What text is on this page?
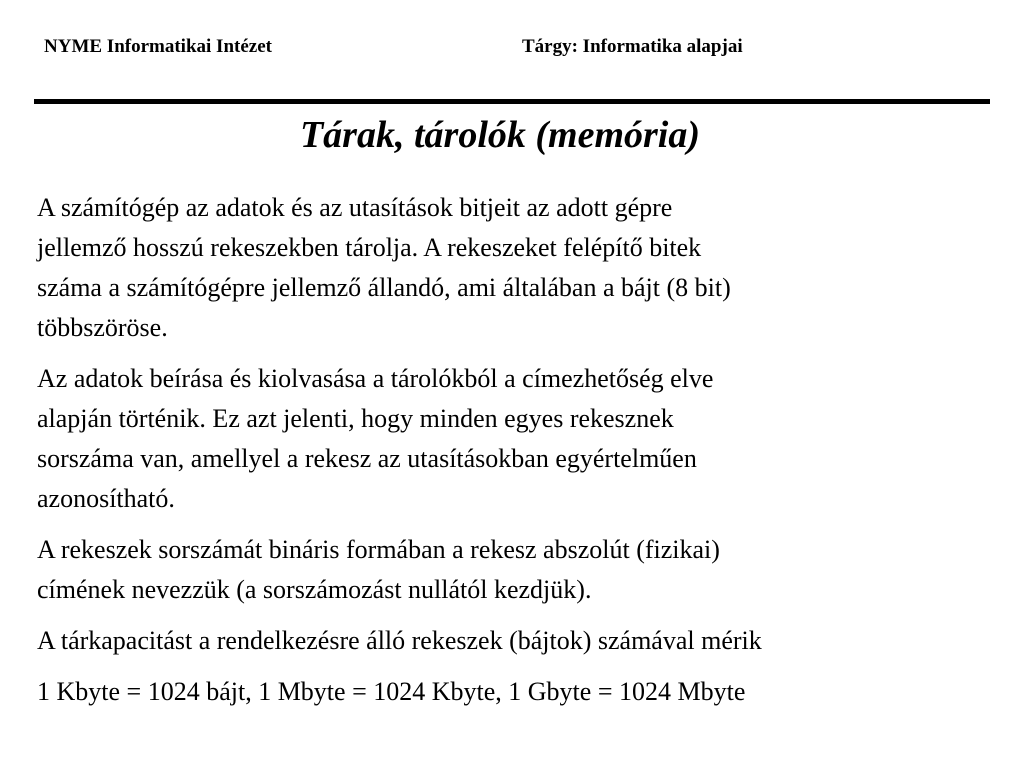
NYME Informatikai Intézet	Tárgy: Informatika alapjai
Tárak, tárolók (memória)

A számítógép az adatok és az utasítások bitjeit az adott gépre
jellemző hosszú rekeszekben tárolja. A rekeszeket felépítő bitek
száma a számítógépre jellemző állandó, ami általában a bájt (8 bit)
többszöröse.

Az adatok beírása és kiolvasása a tárolókból a címezhetőség elve
alapján történik. Ez azt jelenti, hogy minden egyes rekesznek
sorszáma van, amellyel a rekesz az utasításokban egyértelműen
azonosítható.

A rekeszek sorszámát bináris formában a rekesz abszolút (fizikai)
címének nevezzük (a sorszámozást nullától kezdjük).

A tárkapacitást a rendelkezésre álló rekeszek (bájtok) számával mérik

1 Kbyte = 1024 bájt, 1 Mbyte = 1024 Kbyte, 1 Gbyte = 1024 Mbyte
